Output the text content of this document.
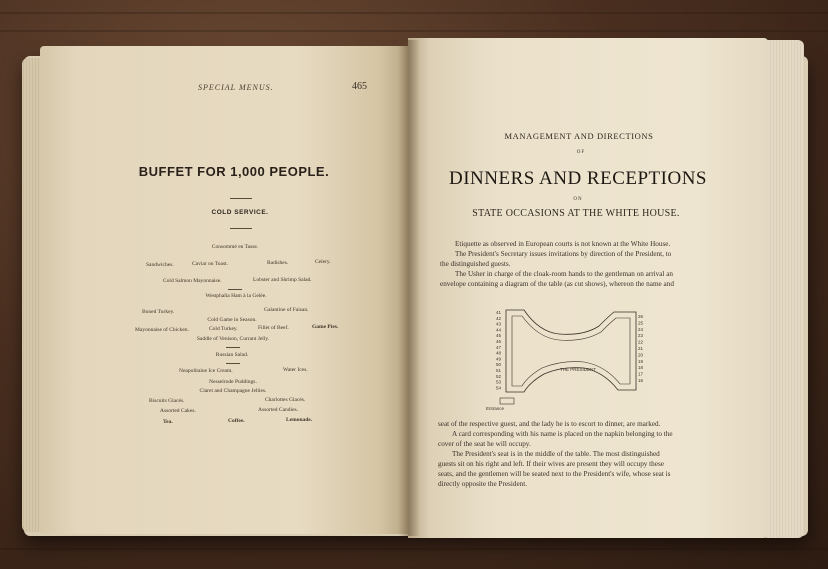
SPECIAL MENUS.	465
BUFFET FOR 1,000 PEOPLE.
COLD SERVICE.
Consommé en Tasse.
Sandwiches.	Caviar on Toast.	Radishes.	Celery.
Cold Salmon Mayonnaise.	Lobster and Shrimp Salad.
Westphalia Ham à la Gelée.
Boned Turkey.	Galantine of Faisan.
Cold Game in Season.
Mayonnaise of Chicken.	Cold Turkey.	Fillet of Beef.	Game Pies.
Saddle of Venison, Currant Jelly.
Russian Salad.
Neapolitaine Ice Cream.	Water Ices.
Nesselrode Puddings.
Claret and Champagne Jellies.
Biscuits Glacés.	Charlottes Glacés.
Assorted Cakes.	Assorted Candies.
Tea.	Coffee.	Lemonade.
MANAGEMENT AND DIRECTIONS
OF
DINNERS AND RECEPTIONS
ON
STATE OCCASIONS AT THE WHITE HOUSE.
Etiquette as observed in European courts is not known at the White House.
The President's Secretary issues invitations by direction of the President, to
the distinguished guests.
The Usher in charge of the cloak-room hands to the gentleman on arrival an
envelope containing a diagram of the table (as cut shows), whereon the name and
41
42
43
44
45
46
47
48
49
50
51
52
53
54
26
25
24
23
22
21
20
19
18
17
16
Entrance
THE PRESIDENT
seat of the respective guest, and the lady he is to escort to dinner, are marked.
A card corresponding with his name is placed on the napkin belonging to the
cover of the seat he will occupy.
The President's seat is in the middle of the table. The most distinguished
guests sit on his right and left. If their wives are present they will occupy these
seats, and the gentlemen will be seated next to the President's wife, whose seat is
directly opposite the President.
